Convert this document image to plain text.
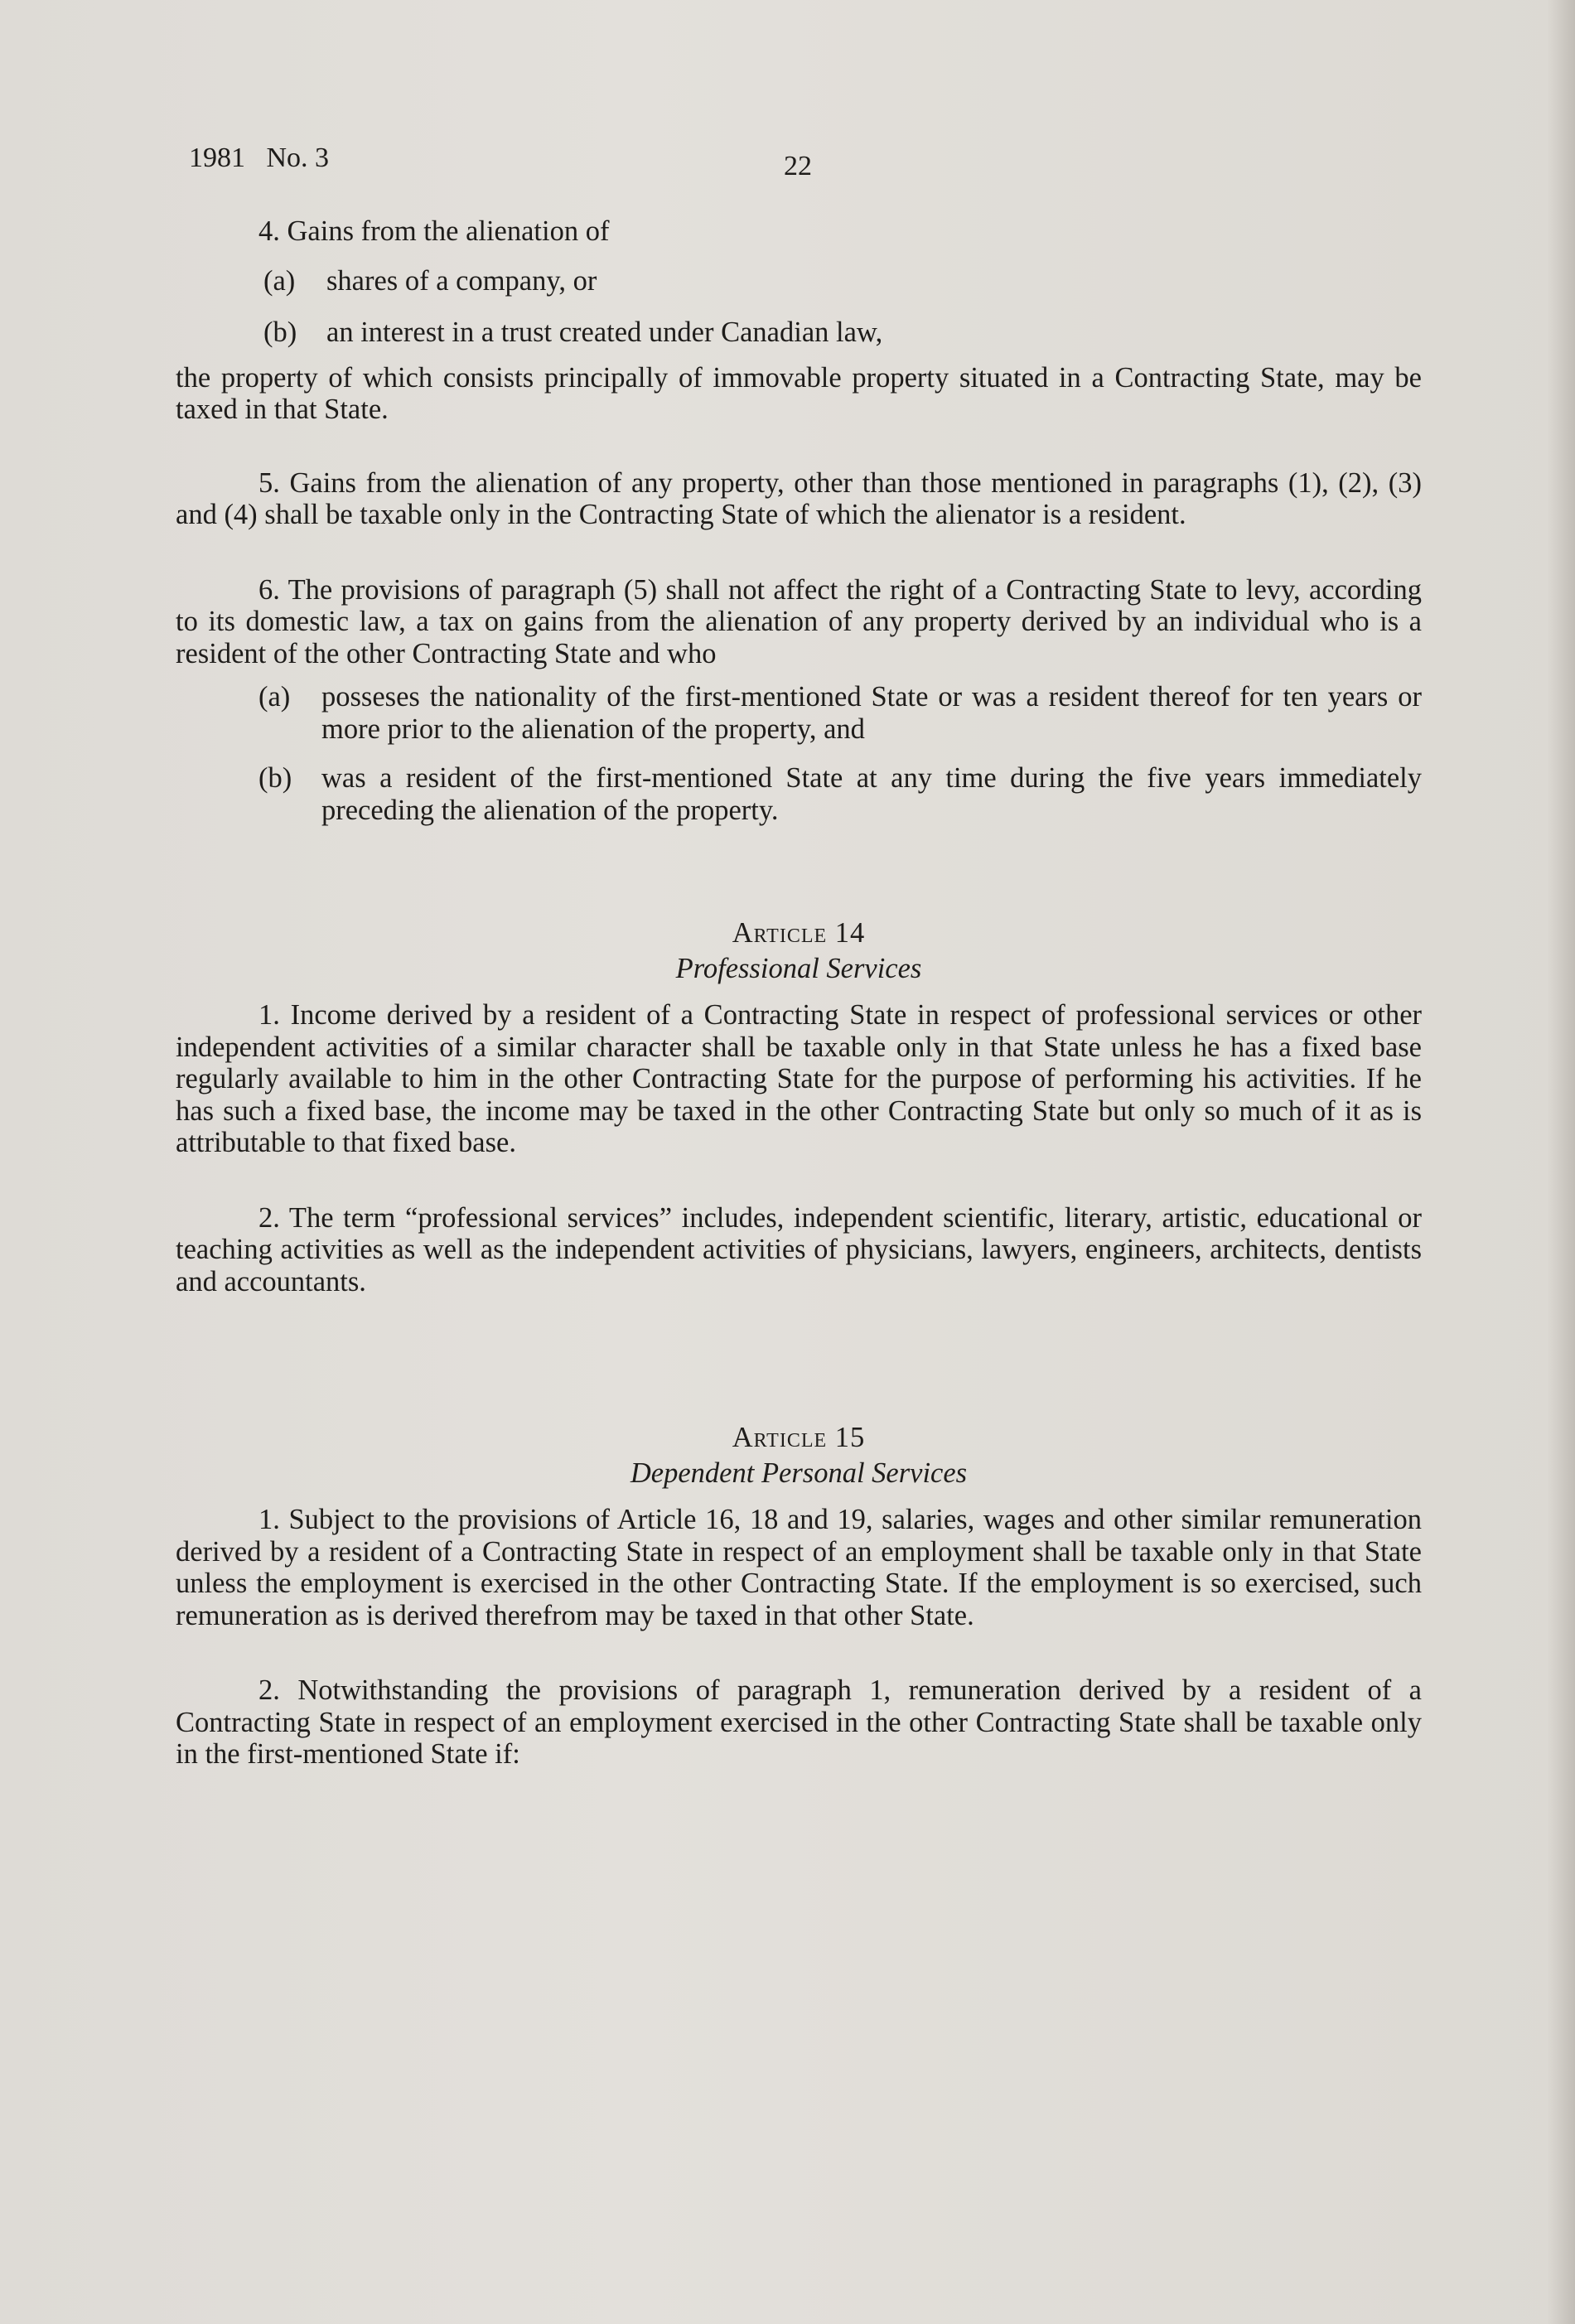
1981   No. 3	22

4. Gains from the alienation of

(a) shares of a company, or

(b) an interest in a trust created under Canadian law,

the property of which consists principally of immovable property situated in a Contracting State, may be taxed in that State.

5. Gains from the alienation of any property, other than those mentioned in paragraphs (1), (2), (3) and (4) shall be taxable only in the Contracting State of which the alienator is a resident.

6. The provisions of paragraph (5) shall not affect the right of a Contracting State to levy, according to its domestic law, a tax on gains from the alienation of any property derived by an individual who is a resident of the other Contracting State and who

(a) posseses the nationality of the first-mentioned State or was a resident thereof for ten years or more prior to the alienation of the property, and
(b) was a resident of the first-mentioned State at any time during the five years immediately preceding the alienation of the property.

Article 14

Professional Services

1. Income derived by a resident of a Contracting State in respect of professional services or other independent activities of a similar character shall be taxable only in that State unless he has a fixed base regularly available to him in the other Contracting State for the purpose of performing his activities. If he has such a fixed base, the income may be taxed in the other Contracting State but only so much of it as is attributable to that fixed base.

2. The term “professional services” includes, independent scientific, literary, artistic, educational or teaching activities as well as the independent activities of physicians, lawyers, engineers, architects, dentists and accountants.

Article 15

Dependent Personal Services

1. Subject to the provisions of Article 16, 18 and 19, salaries, wages and other similar remuneration derived by a resident of a Contracting State in respect of an employment shall be taxable only in that State unless the employment is exercised in the other Contracting State. If the employment is so exercised, such remuneration as is derived therefrom may be taxed in that other State.

2. Notwithstanding the provisions of paragraph 1, remuneration derived by a resident of a Contracting State in respect of an employment exercised in the other Contracting State shall be taxable only in the first-mentioned State if:
